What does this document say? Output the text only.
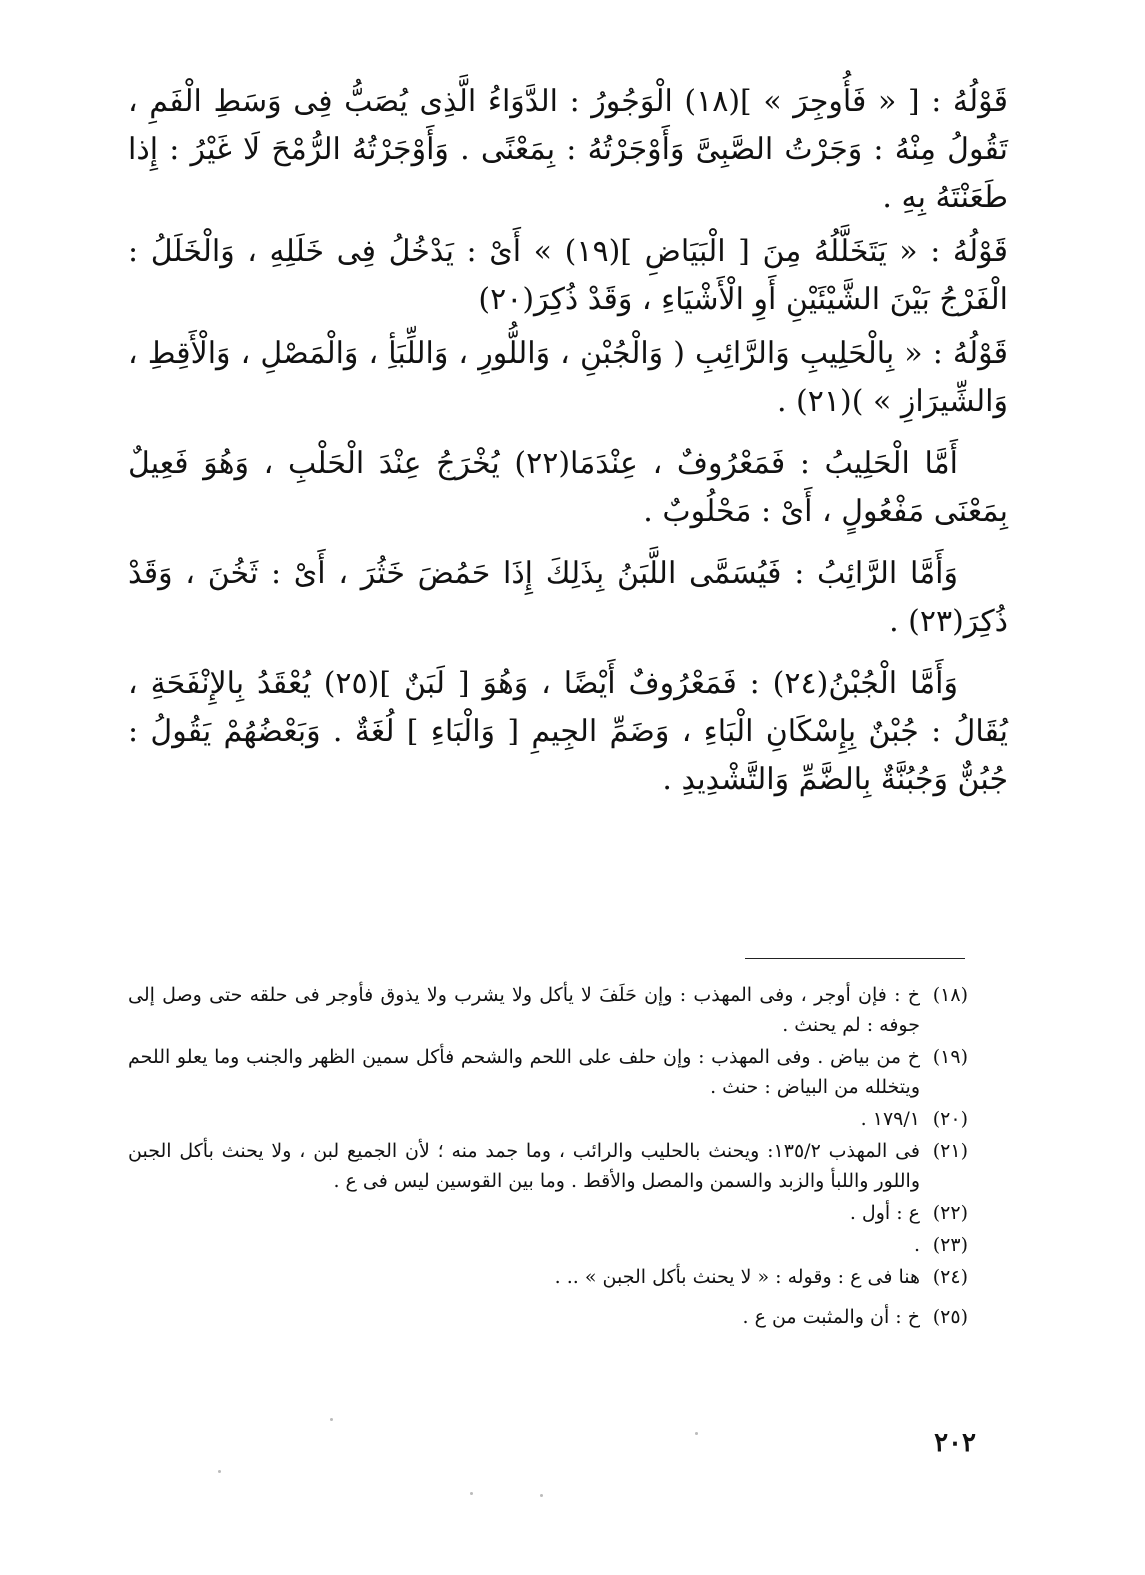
قَوْلُهُ : [ « فَأُوجِرَ » ](١٨) الْوَجُورُ : الدَّوَاءُ الَّذِى يُصَبُّ فِى وَسَطِ الْفَمِ ، تَقُولُ مِنْهُ : وَجَرْتُ الصَّبِىَّ وَأَوْجَرْتُهُ : بِمَعْنًى . وَأَوْجَرْتُهُ الرُّمْحَ لَا غَيْرُ : إِذا طَعَنْتَهُ بِهِ .

قَوْلُهُ : « يَتَخَلَّلُهُ مِنَ [ الْبَيَاضِ ](١٩) » أَىْ : يَدْخُلُ فِى خَلَلِهِ ، وَالْخَلَلُ : الْفَرْجُ بَيْنَ الشَّيْئَيْنِ أَوِ الْأَشْيَاءِ ، وَقَدْ ذُكِرَ(٢٠)

قَوْلُهُ : « بِالْحَلِيبِ وَالرَّائِبِ ( وَالْجُبْنِ ، وَاللُّورِ ، وَاللِّبَأِ ، وَالْمَصْلِ ، وَالْأَقِطِ ، وَالشِّيرَازِ » )(٢١) .

أَمَّا الْحَلِيبُ : فَمَعْرُوفٌ ، عِنْدَمَا(٢٢) يُخْرَجُ عِنْدَ الْحَلْبِ ، وَهُوَ فَعِيلٌ بِمَعْنَى مَفْعُولٍ ، أَىْ : مَحْلُوبٌ .

وَأَمَّا الرَّائِبُ : فَيُسَمَّى اللَّبَنُ بِذَلِكَ إِذَا حَمُضَ خَثُرَ ، أَىْ : ثَخُنَ ، وَقَدْ ذُكِرَ(٢٣) .

وَأَمَّا الْجُبْنُ(٢٤) : فَمَعْرُوفٌ أَيْضًا ، وَهُوَ [ لَبَنٌ ](٢٥) يُعْقَدُ بِالإِنْفَحَةِ ، يُقَالُ : جُبْنٌ بِإِسْكَانِ الْبَاءِ ، وَضَمِّ الجِيمِ [ وَالْبَاءِ ] لُغَةٌ . وَبَعْضُهُمْ يَقُولُ : جُبُنٌّ وَجُبُنَّةٌ بِالضَّمِّ وَالتَّشْدِيدِ .

(١٨)
خ : فإن أوجر ، وفى المهذب : وإن حَلَفَ لا يأكل ولا يشرب ولا يذوق فأوجر فى حلقه حتى وصل إلى جوفه : لم يحنث .
(١٩)
خ من بياض . وفى المهذب : وإن حلف على اللحم والشحم فأكل سمين الظهر والجنب وما يعلو اللحم ويتخلله من البياض : حنث .
(٢٠)
١٧٩/١ .
(٢١)
فى المهذب ١٣٥/٢: ويحنث بالحليب والرائب ، وما جمد منه ؛ لأن الجميع لبن ، ولا يحنث بأكل الجبن واللور واللبأ والزبد والسمن والمصل والأقط . وما بين القوسين ليس فى ع .
(٢٢)
ع : أول .
(٢٣)
.
(٢٤)
هنا فى ع : وقوله : « لا يحنث بأكل الجبن » .. .
(٢٥)
خ : أن والمثبت من ع .
٢٠٢
